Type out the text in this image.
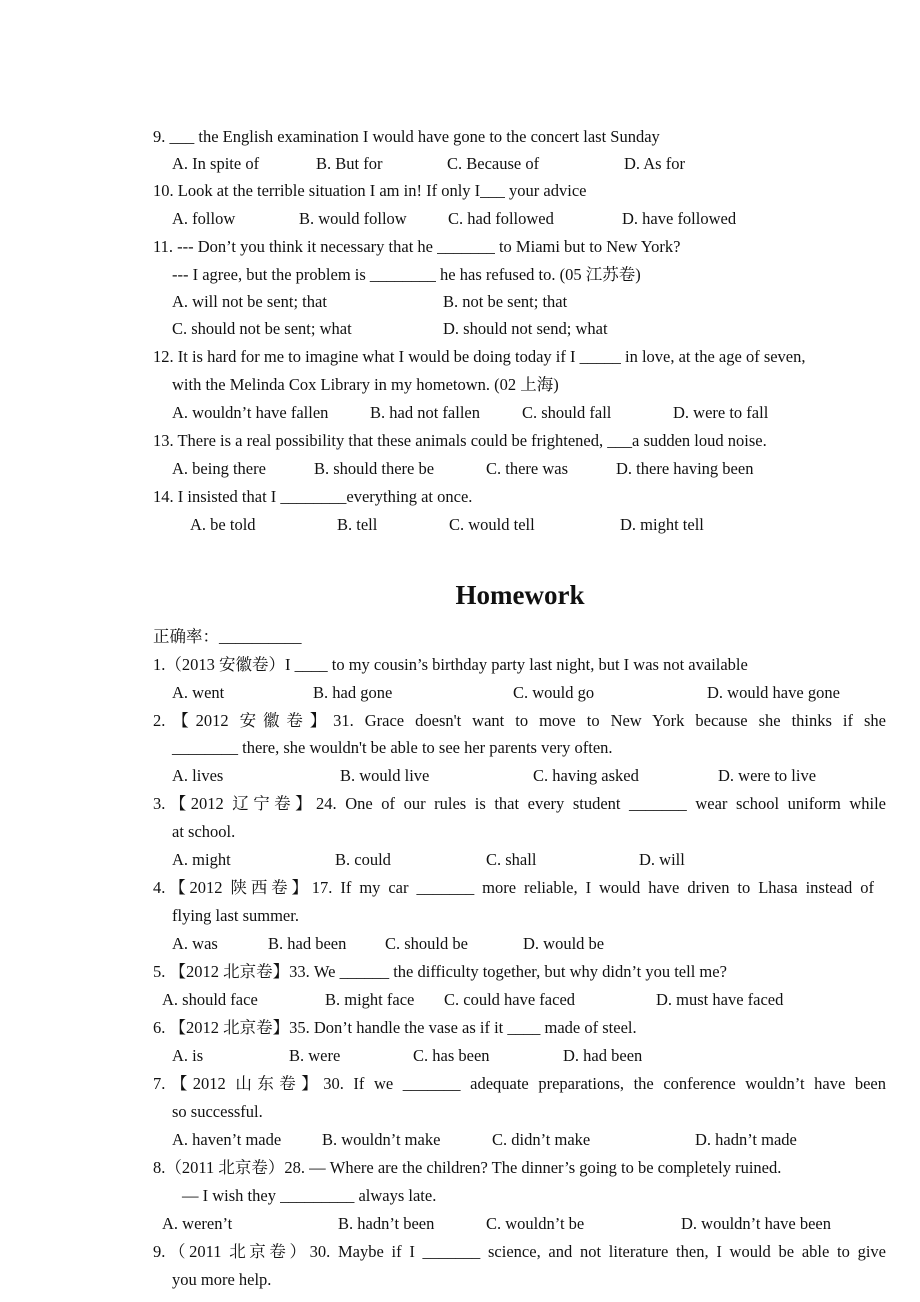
9. ___ the English examination I would have gone to the concert last Sunday
A. In spite of	B. But for	C. Because of	D. As for
10. Look at the terrible situation I am in! If only I___ your advice
A. follow	B. would follow	C. had followed	D. have followed
11. --- Don’t you think it necessary that he _______ to Miami but to New York?
--- I agree, but the problem is ________ he has refused to. (05 江苏卷)
A. will not be sent; that	B. not be sent; that
C. should not be sent; what	D. should not send; what
12. It is hard for me to imagine what I would be doing today if I _____ in love, at the age of seven,
with the Melinda Cox Library in my hometown. (02 上海)
A. wouldn’t have fallen	B. had not fallen	C. should fall	D. were to fall
13. There is a real possibility that these animals could be frightened, ___a sudden loud noise.
A. being there	B. should there be	C. there was	D. there having been
14. I insisted that I ________everything at once.
A. be told	B. tell	C. would tell	D. might tell
Homework
正确率：__________
1.（2013 安徽卷）I ____ to my cousin’s birthday party last night, but I was not available
A. went	B. had gone	C. would go	D. would have gone
2.【2012 安徽卷】31. Grace doesn't want to move to New York because she thinks if she
________ there, she wouldn't be able to see her parents very often.
A. lives	B. would live	C. having asked	D. were to live
3.【2012 辽宁卷】24. One of our rules is that every student _______ wear school uniform while
at school.
A. might	B. could	C. shall	D. will
4.【2012 陕西卷】17. If my car _______ more reliable, I would have driven to Lhasa instead of
flying last summer.
A. was	B. had been C. should be	D. would be
5. 【2012 北京卷】33. We ______ the difficulty together, but why didn’t you tell me?
A. should face	B. might face C. could have faced	D. must have faced
6. 【2012 北京卷】35. Don’t handle the vase as if it ____ made of steel.
A. is	B. were	C. has been	D. had been
7.【2012 山东卷】30. If we _______ adequate preparations, the conference wouldn’t have been
so successful.
A. haven’t made B. wouldn’t make	C. didn’t make	D. hadn’t made
8.（2011 北京卷）28. — Where are the children? The dinner’s going to be completely ruined.
— I wish they _________ always late.
A. weren’t	B. hadn’t been	C. wouldn’t be	D. wouldn’t have been
9.（2011 北京卷）30. Maybe if I _______ science, and not literature then, I would be able to give
you more help.
